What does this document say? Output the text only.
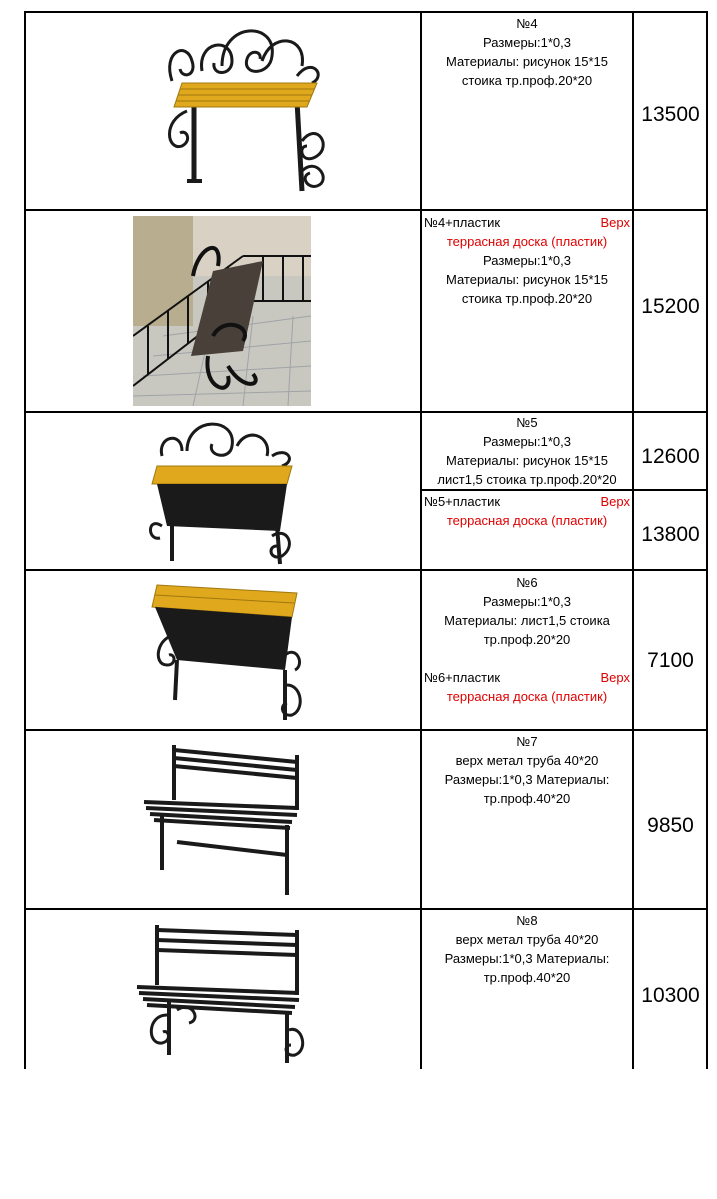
№4
Размеры:1*0,3
Материалы: рисунок 15*15
стоика тр.проф.20*20
13500
№4+пластик	Верх
террасная доска (пластик)
Размеры:1*0,3
Материалы: рисунок 15*15
стоика тр.проф.20*20	15200
№5
Размеры:1*0,3
Материалы: рисунок 15*15
лист1,5 стоика тр.проф.20*20
12600
№5+пластик	Верх
террасная доска (пластик)
13800
№6
Размеры:1*0,3
Материалы: лист1,5 стоика
тр.проф.20*20
№6+пластик	Верх
террасная доска (пластик)
7100
№7
верх метал труба 40*20
Размеры:1*0,3 Материалы:
тр.проф.40*20
9850
№8
верх метал труба 40*20
Размеры:1*0,3 Материалы:
тр.проф.40*20
10300
